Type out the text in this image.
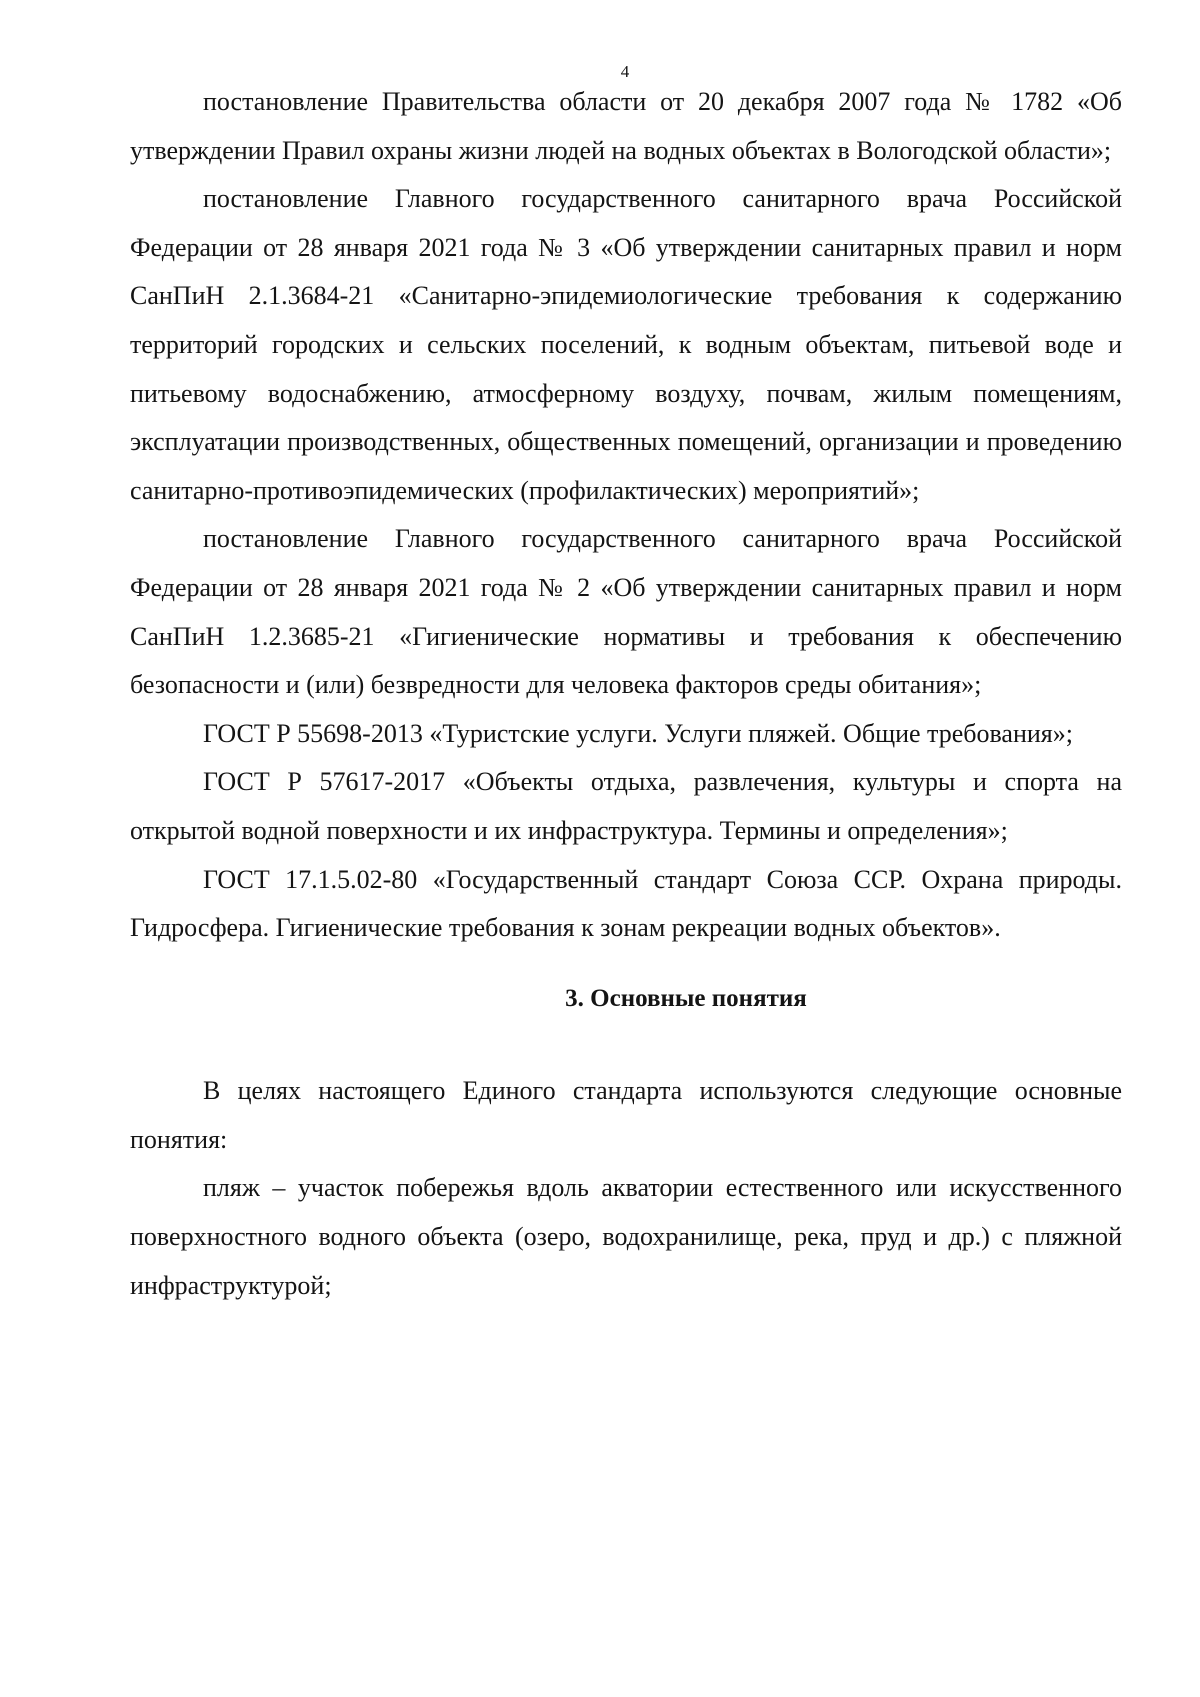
4

постановление Правительства области от 20 декабря 2007 года № 1782 «Об утверждении Правил охраны жизни людей на водных объектах в Вологодской области»;

постановление Главного государственного санитарного врача Российской Федерации от 28 января 2021 года № 3 «Об утверждении санитарных правил и норм СанПиН 2.1.3684-21 «Санитарно-эпидемиологические требования к содержанию территорий городских и сельских поселений, к водным объектам, питьевой воде и питьевому водоснабжению, атмосферному воздуху, почвам, жилым помещениям, эксплуатации производственных, общественных помещений, организации и проведению санитарно-противоэпидемических (профилактических) мероприятий»;

постановление Главного государственного санитарного врача Российской Федерации от 28 января 2021 года № 2 «Об утверждении санитарных правил и норм СанПиН 1.2.3685-21 «Гигиенические нормативы и требования к обеспечению безопасности и (или) безвредности для человека факторов среды обитания»;

ГОСТ Р 55698-2013 «Туристские услуги. Услуги пляжей. Общие требования»;

ГОСТ Р 57617-2017 «Объекты отдыха, развлечения, культуры и спорта на открытой водной поверхности и их инфраструктура. Термины и определения»;

ГОСТ 17.1.5.02-80 «Государственный стандарт Союза ССР. Охрана природы. Гидросфера. Гигиенические требования к зонам рекреации водных объектов».

3. Основные понятия

В целях настоящего Единого стандарта используются следующие основные понятия:

пляж – участок побережья вдоль акватории естественного или искусственного поверхностного водного объекта (озеро, водохранилище, река, пруд и др.) с пляжной инфраструктурой;
